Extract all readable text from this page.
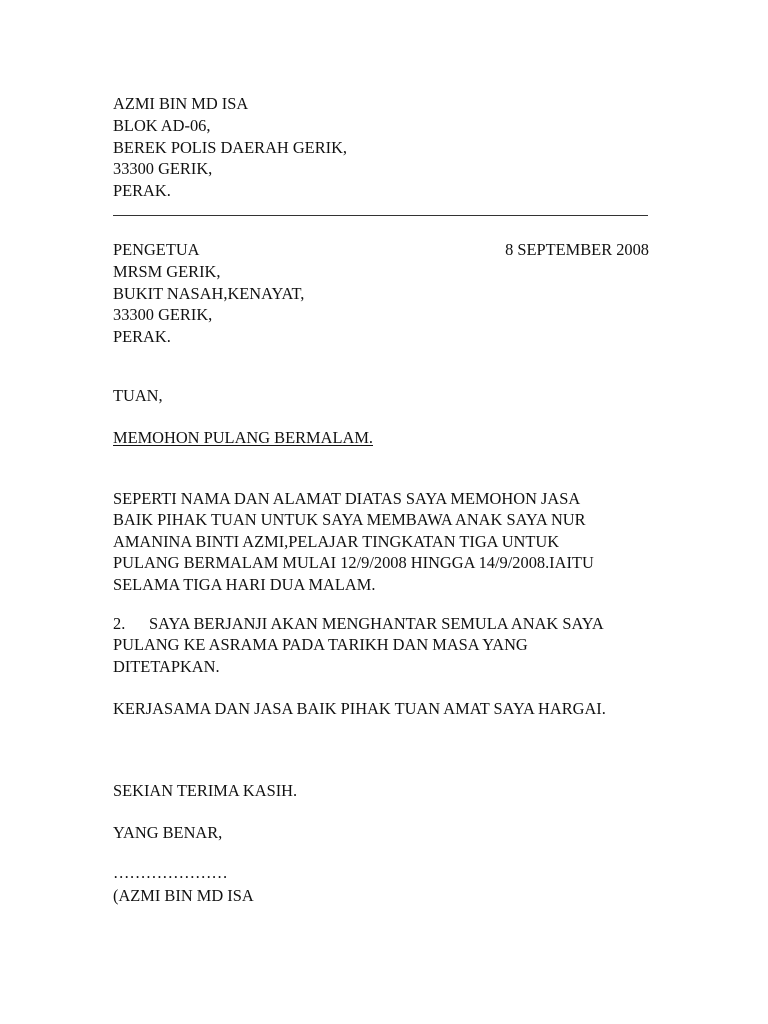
AZMI BIN MD ISA
BLOK AD-06,
BEREK POLIS DAERAH GERIK,
33300 GERIK,
PERAK.
PENGETUA
MRSM GERIK,
BUKIT NASAH,KENAYAT,
33300 GERIK,
PERAK.
8 SEPTEMBER 2008
TUAN,
MEMOHON PULANG BERMALAM.
SEPERTI NAMA DAN ALAMAT DIATAS SAYA MEMOHON JASA
BAIK PIHAK TUAN UNTUK SAYA MEMBAWA ANAK SAYA NUR
AMANINA BINTI AZMI,PELAJAR TINGKATAN TIGA UNTUK
PULANG BERMALAM MULAI 12/9/2008 HINGGA 14/9/2008.IAITU
SELAMA TIGA HARI DUA MALAM.
2. SAYA BERJANJI AKAN MENGHANTAR SEMULA ANAK SAYA
PULANG KE ASRAMA PADA TARIKH DAN MASA YANG
DITETAPKAN.
KERJASAMA DAN JASA BAIK PIHAK TUAN AMAT SAYA HARGAI.
SEKIAN TERIMA KASIH.
YANG BENAR,
…………………
(AZMI BIN MD ISA
